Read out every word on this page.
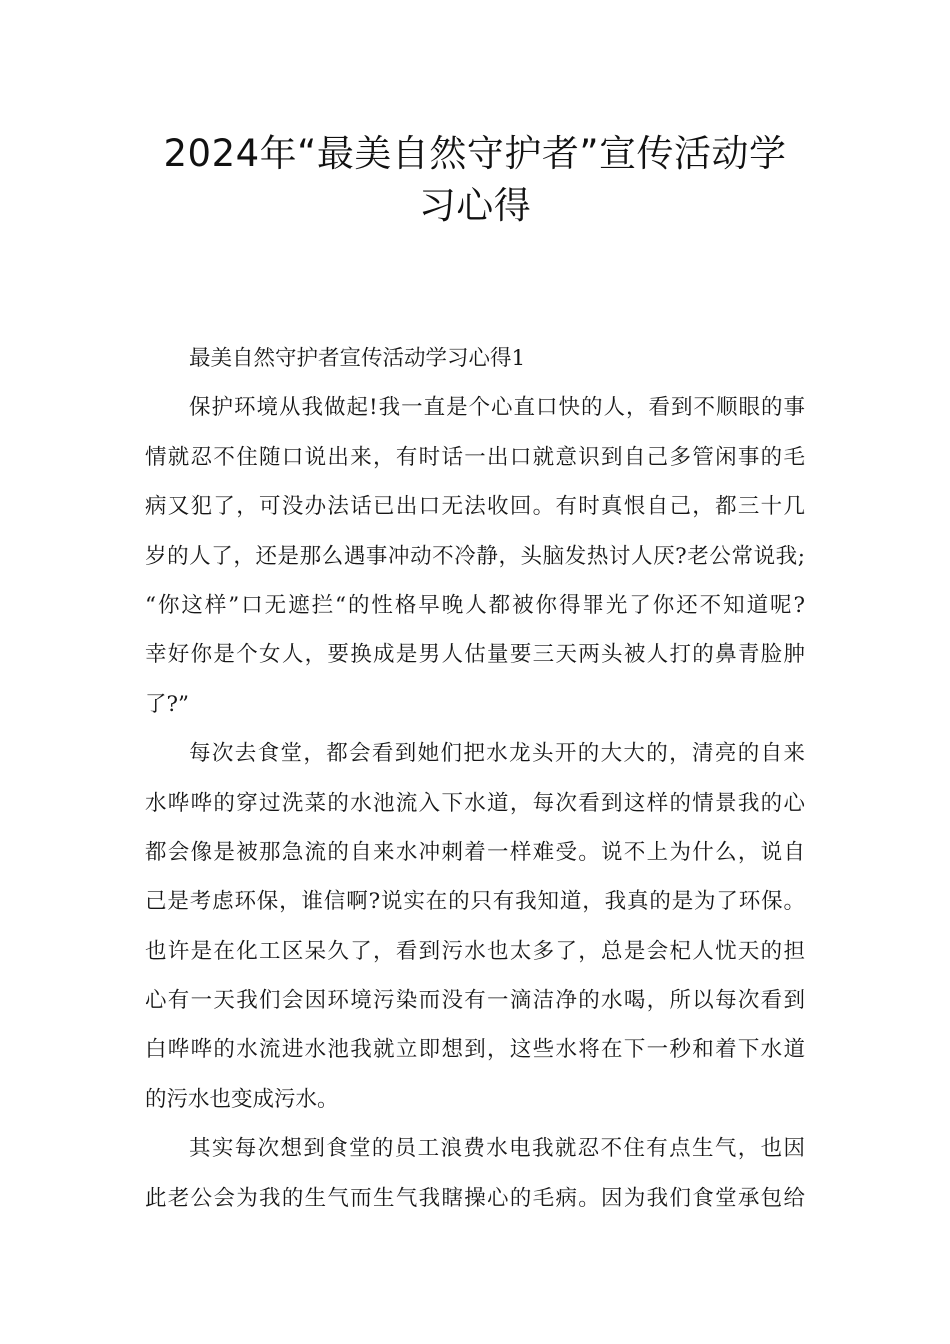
2024年“最美自然守护者”宣传活动学
习心得
最美自然守护者宣传活动学习心得1
保护环境从我做起!我一直是个心直口快的人，看到不顺眼的事
情就忍不住随口说出来，有时话一出口就意识到自己多管闲事的毛
病又犯了，可没办法话已出口无法收回。有时真恨自己，都三十几
岁的人了，还是那么遇事冲动不冷静，头脑发热讨人厌?老公常说我;
“你这样”口无遮拦“的性格早晚人都被你得罪光了你还不知道呢?
幸好你是个女人，要换成是男人估量要三天两头被人打的鼻青脸肿
了?”
每次去食堂，都会看到她们把水龙头开的大大的，清亮的自来
水哗哗的穿过洗菜的水池流入下水道，每次看到这样的情景我的心
都会像是被那急流的自来水冲刺着一样难受。说不上为什么，说自
己是考虑环保，谁信啊?说实在的只有我知道，我真的是为了环保。
也许是在化工区呆久了，看到污水也太多了，总是会杞人忧天的担
心有一天我们会因环境污染而没有一滴洁净的水喝，所以每次看到
白哗哗的水流进水池我就立即想到，这些水将在下一秒和着下水道
的污水也变成污水。
其实每次想到食堂的员工浪费水电我就忍不住有点生气，也因
此老公会为我的生气而生气我瞎操心的毛病。因为我们食堂承包给
